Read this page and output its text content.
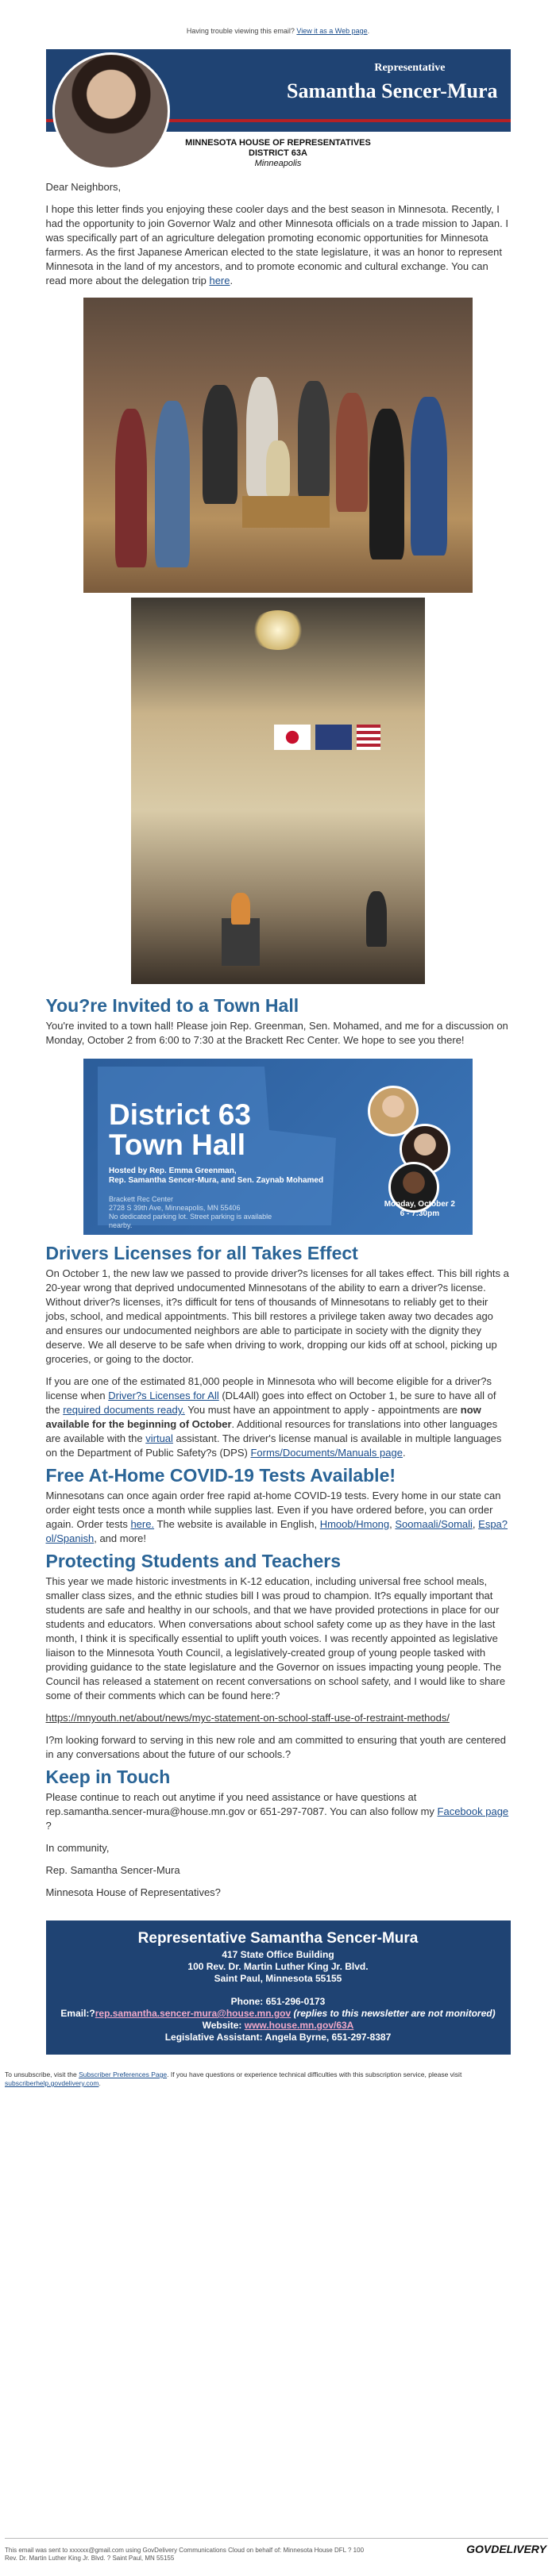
Having trouble viewing this email? View it as a Web page.
Representative
Samantha Sencer-Mura
MINNESOTA HOUSE OF REPRESENTATIVES
DISTRICT 63A
Minneapolis

Dear Neighbors,

I hope this letter finds you enjoying these cooler days and the best season in Minnesota. Recently, I had the opportunity to join Governor Walz and other Minnesota officials on a trade mission to Japan. I was specifically part of an agriculture delegation promoting economic opportunities for Minnesota farmers. As the first Japanese American elected to the state legislature, it was an honor to represent Minnesota in the land of my ancestors, and to promote economic and cultural exchange. You can read more about the delegation trip here.

You?re Invited to a Town Hall

You're invited to a town hall! Please join Rep. Greenman, Sen. Mohamed, and me for a discussion on Monday, October 2 from 6:00 to 7:30 at the Brackett Rec Center. We hope to see you there!

District 63
Town Hall
Hosted by Rep. Emma Greenman,
Rep. Samantha Sencer-Mura, and Sen. Zaynab Mohamed
Brackett Rec Center
2728 S 39th Ave, Minneapolis, MN 55406
No dedicated parking lot. Street parking is available
nearby.
Monday, October 2
6 - 7:30pm
Drivers Licenses for all Takes Effect

On October 1, the new law we passed to provide driver?s licenses for all takes effect. This bill rights a 20-year wrong that deprived undocumented Minnesotans of the ability to earn a driver?s license. Without driver?s licenses, it?s difficult for tens of thousands of Minnesotans to reliably get to their jobs, school, and medical appointments. This bill restores a privilege taken away two decades ago and ensures our undocumented neighbors are able to participate in society with the dignity they deserve. We all deserve to be safe when driving to work, dropping our kids off at school, picking up groceries, or going to the doctor.

If you are one of the estimated 81,000 people in Minnesota who will become eligible for a driver?s license when Driver?s Licenses for All (DL4All) goes into effect on October 1, be sure to have all of the required documents ready. You must have an appointment to apply - appointments are now available for the beginning of October. Additional resources for translations into other languages are available with the virtual assistant. The driver's license manual is available in multiple languages on the Department of Public Safety?s (DPS) Forms/Documents/Manuals page.

Free At-Home COVID-19 Tests Available!

Minnesotans can once again order free rapid at-home COVID-19 tests. Every home in our state can order eight tests once a month while supplies last. Even if you have ordered before, you can order again. Order tests here. The website is available in English, Hmoob/Hmong, Soomaali/Somali, Espa?ol/Spanish, and more!

Protecting Students and Teachers

This year we made historic investments in K-12 education, including universal free school meals, smaller class sizes, and the ethnic studies bill I was proud to champion. It?s equally important that students are safe and healthy in our schools, and that we have provided protections in place for our students and educators. When conversations about school safety come up as they have in the last month, I think it is specifically essential to uplift youth voices. I was recently appointed as legislative liaison to the Minnesota Youth Council, a legislatively-created group of young people tasked with providing guidance to the state legislature and the Governor on issues impacting young people. The Council has released a statement on recent conversations on school safety, and I would like to share some of their comments which can be found here:?

https://mnyouth.net/about/news/myc-statement-on-school-staff-use-of-restraint-methods/

I?m looking forward to serving in this new role and am committed to ensuring that youth are centered in any conversations about the future of our schools.?

Keep in Touch

Please continue to reach out anytime if you need assistance or have questions at rep.samantha.sencer-mura@house.mn.gov or 651-297-7087. You can also follow my Facebook page ?

In community,

Rep. Samantha Sencer-Mura

Minnesota House of Representatives?

Representative Samantha Sencer-Mura
417 State Office Building
100 Rev. Dr. Martin Luther King Jr. Blvd.
Saint Paul, Minnesota 55155
Phone: 651-296-0173
Email:?rep.samantha.sencer-mura@house.mn.gov (replies to this newsletter are not monitored)
Website: www.house.mn.gov/63A
Legislative Assistant: Angela Byrne, 651-297-8387
To unsubscribe, visit the Subscriber Preferences Page. If you have questions or experience technical difficulties with this subscription service, please visit subscriberhelp.govdelivery.com.
This email was sent to xxxxxx@gmail.com using GovDelivery Communications Cloud on behalf of: Minnesota House DFL ? 100
Rev. Dr. Martin Luther King Jr. Blvd. ? Saint Paul, MN 55155
GOVDELIVERY
